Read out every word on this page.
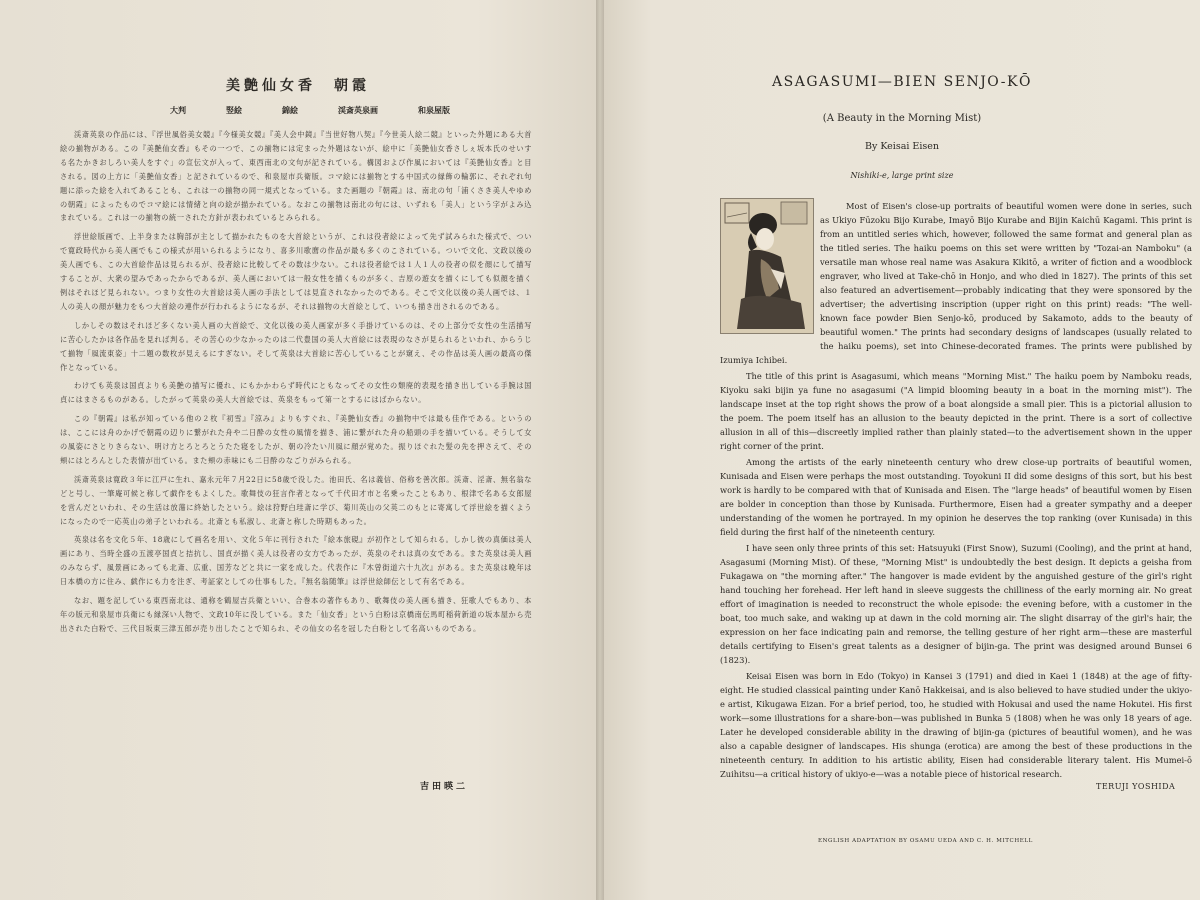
美艶仙女香　朝霞
大判	竪絵	錦絵	渓斎英泉画	和泉屋版

渓斎英泉の作品には、『浮世風俗美女競』『今様美女競』『美人会中鏡』『当世好物八契』『今世美人絵二競』といった外題にある大首絵の揃物がある。この『美艶仙女香』もその一つで、この揃物には定まった外題はないが、絵中に「美艶仙女香さしぇ坂本氏のせいする名たかきおしろい美人をすぐ」の宣伝文が入って、東西南北の文句が記されている。構図および作風においては『美艶仙女香』と目される。図の上方に「美艶仙女香」と記されているので、和泉屋市兵衛版。コマ絵には揃物とする中国式の縁飾の輪郭に、それぞれ句題に添った絵を入れてあることも、これは一の揃物の同一規式となっている。また画題の『朝霞』は、南北の句「浦くさき美人やゆめの朝霞」によったものでコマ絵には情緒と向の絵が描かれている。なおこの揃物は南北の句には、いずれも「美人」という字がよみ込まれている。これは一の揃物の統一された方針が表われているとみられる。

浮世絵版画で、上半身または胸部が主として描かれたものを大首絵というが、これは役者絵によって先ず試みられた様式で、ついで寛政時代から美人画でもこの様式が用いられるようになり、喜多川歌麿の作品が最も多くのこされている。ついで文化、文政以後の美人画でも、この大首絵作品は見られるが、役者絵に比較してその数は少ない。これは役者絵では１人１人の役者の似を顔にして描写することが、大衆の望みであったからであるが、美人画においては一般女性を描くものが多く、吉原の遊女を描くにしても似顔を描く例はそれほど見られない。つまり女性の大首絵は美人画の手法としては見直されなかったのである。そこで文化以後の美人画では、１人の美人の顔が魅力をもつ大首絵の連作が行われるようになるが、それは揃物の大首絵として、いつも描き出されるのである。

しかしその数はそれほど多くない美人画の大首絵で、文化以後の美人画家が多く手掛けているのは、その上部分で女性の生活描写に苦心したかは各作品を見れば判る。その苦心の少なかったのは二代豊国の美人大首絵には表現のなさが見られるといわれ、からうじて揃物「風流東姿」十二題の数枚が見えるにすぎない。そして英泉は大首絵に苦心していることが窺え、その作品は美人画の最高の傑作となっている。

わけても英泉は国貞よりも美艶の描写に優れ、にもかかわらず時代にともなってその女性の頽廃的表現を描き出している手腕は国貞にはまさるものがある。したがって英泉の美人大首絵では、英泉をもって第一とするにはばからない。

この『朝霞』は私が知っている他の２枚『初雪』『涼み』よりもすぐれ、『美艶仙女香』の揃物中では最も佳作である。というのは、ここには舟のかげで朝霞の辺りに繋がれた舟や二日酔の女性の風情を描き、浦に繋がれた舟の船頭の手を描いている。そうして女の風姿にさとりきらない、明け方とろとろとうたた寝をしたが、朝の冷たい川風に顔が覚めた。振りほぐれた髪の先を押さえて、その頬にはとろんとした表情が出ている。また頬の赤味にも二日酔のなごりがみられる。

渓斎英泉は寛政３年に江戸に生れ、嘉永元年７月22日に58歳で没した。池田氏、名は義信、俗称を善次郎。渓斎、淫斎、無名翁などと号し、一筆庵可候と称して戯作をもよくした。歌舞伎の狂言作者となって千代田才市と名乗ったこともあり、根津で名ある女郎屋を営んだといわれ、その生活は放蕩に終始したという。絵は狩野白珪斎に学び、菊川英山の父英二のもとに寄寓して浮世絵を描くようになったので一応英山の弟子といわれる。北斎とも私淑し、北斎と称した時期もあった。

英泉は名を文化５年、18歳にして画名を用い、文化５年に刊行された『絵本旅硯』が初作として知られる。しかし彼の真価は美人画にあり、当時全盛の五渡亭国貞と拮抗し、国貞が描く美人は役者の女方であったが、英泉のそれは真の女である。また英泉は美人画のみならず、風景画にあっても北斎、広重、国芳などと共に一家を成した。代表作に『木曾街道六十九次』がある。また英泉は晩年は日本橋の方に住み、戯作にも力を注ぎ、考証家としての仕事もした。『無名翁随筆』は浮世絵師伝として有名である。

なお、題を記している東西南北は、通称を鶴屋吉兵衛といい、合巻本の著作もあり、歌舞伎の美人画も描き、狂歌人でもあり、本年の版元和泉屋市兵衛にも縁深い人物で、文政10年に没している。また「仙女香」という白粉は京橋南伝馬町稲荷新道の坂本屋から売出された白粉で、三代目坂東三津五郎が売り出したことで知られ、その仙女の名を冠した白粉として名高いものである。

吉田暎二
ASAGASUMI—BIEN SENJO-KŌ
(A Beauty in the Morning Mist)
By Keisai Eisen
Nishiki-e, large print size

Most of Eisen's close-up portraits of beautiful women were done in series, such as Ukiyo Fūzoku Bijo Kurabe, Imayō Bijo Kurabe and Bijin Kaichū Kagami. This print is from an untitled series which, however, followed the same format and general plan as the titled series. The haiku poems on this set were written by "Tozai-an Namboku" (a versatile man whose real name was Asakura Kikitō, a writer of fiction and a woodblock engraver, who lived at Take-chō in Honjo, and who died in 1827). The prints of this set also featured an advertisement—probably indicating that they were sponsored by the advertiser; the advertising inscription (upper right on this print) reads: "The well-known face powder Bien Senjo-kō, produced by Sakamoto, adds to the beauty of beautiful women." The prints had secondary designs of landscapes (usually related to the haiku poems), set into Chinese-decorated frames. The prints were published by Izumiya Ichibei.

The title of this print is Asagasumi, which means "Morning Mist." The haiku poem by Namboku reads, Kiyoku saki bijin ya fune no asagasumi ("A limpid blooming beauty in a boat in the morning mist"). The landscape inset at the top right shows the prow of a boat alongside a small pier. This is a pictorial allusion to the poem. The poem itself has an allusion to the beauty depicted in the print. There is a sort of collective allusion in all of this—discreetly implied rather than plainly stated—to the advertisement shown in the upper right corner of the print.

Among the artists of the early nineteenth century who drew close-up portraits of beautiful women, Kunisada and Eisen were perhaps the most outstanding. Toyokuni II did some designs of this sort, but his best work is hardly to be compared with that of Kunisada and Eisen. The "large heads" of beautiful women by Eisen are bolder in conception than those by Kunisada. Furthermore, Eisen had a greater sympathy and a deeper understanding of the women he portrayed. In my opinion he deserves the top ranking (over Kunisada) in this field during the first half of the nineteenth century.

I have seen only three prints of this set: Hatsuyuki (First Snow), Suzumi (Cooling), and the print at hand, Asagasumi (Morning Mist). Of these, "Morning Mist" is undoubtedly the best design. It depicts a geisha from Fukagawa on "the morning after." The hangover is made evident by the anguished gesture of the girl's right hand touching her forehead. Her left hand in sleeve suggests the chilliness of the early morning air. No great effort of imagination is needed to reconstruct the whole episode: the evening before, with a customer in the boat, too much sake, and waking up at dawn in the cold morning air. The slight disarray of the girl's hair, the expression on her face indicating pain and remorse, the telling gesture of her right arm—these are masterful details certifying to Eisen's great talents as a designer of bijin-ga. The print was designed around Bunsei 6 (1823).

Keisai Eisen was born in Edo (Tokyo) in Kansei 3 (1791) and died in Kaei 1 (1848) at the age of fifty-eight. He studied classical painting under Kanō Hakkeisai, and is also believed to have studied under the ukiyo-e artist, Kikugawa Eizan. For a brief period, too, he studied with Hokusai and used the name Hokutei. His first work—some illustrations for a share-bon—was published in Bunka 5 (1808) when he was only 18 years of age. Later he developed considerable ability in the drawing of bijin-ga (pictures of beautiful women), and he was also a capable designer of landscapes. His shunga (erotica) are among the best of these productions in the nineteenth century. In addition to his artistic ability, Eisen had considerable literary talent. His Mumei-ō Zuihitsu—a critical history of ukiyo-e—was a notable piece of historical research.

TERUJI YOSHIDA
ENGLISH ADAPTATION BY OSAMU UEDA AND C. H. MITCHELL
